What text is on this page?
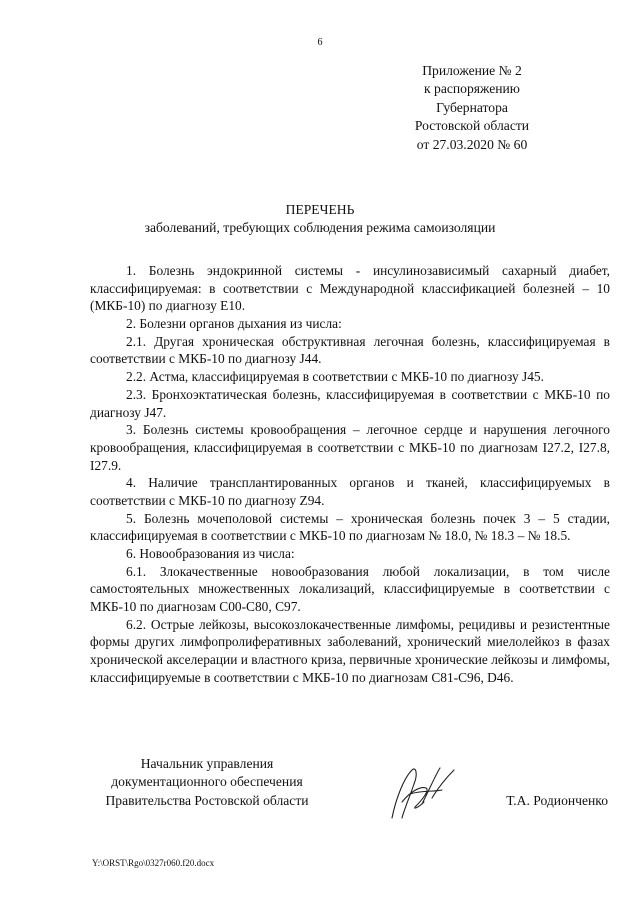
6
Приложение № 2
к распоряжению
Губернатора
Ростовской области
от 27.03.2020 № 60
ПЕРЕЧЕНЬ
заболеваний, требующих соблюдения режима самоизоляции

1. Болезнь эндокринной системы - инсулинозависимый сахарный диабет, классифицируемая: в соответствии с Международной классификацией болезней – 10 (МКБ-10) по диагнозу E10.

2. Болезни органов дыхания из числа:

2.1. Другая хроническая обструктивная легочная болезнь, классифицируемая в соответствии с МКБ-10 по диагнозу J44.

2.2. Астма, классифицируемая в соответствии с МКБ-10 по диагнозу J45.

2.3. Бронхоэктатическая болезнь, классифицируемая в соответствии с МКБ-10 по диагнозу J47.

3. Болезнь системы кровообращения – легочное сердце и нарушения легочного кровообращения, классифицируемая в соответствии с МКБ-10 по диагнозам I27.2, I27.8, I27.9.

4. Наличие трансплантированных органов и тканей, классифицируемых в соответствии с МКБ-10 по диагнозу Z94.

5. Болезнь мочеполовой системы – хроническая болезнь почек 3 – 5 стадии, классифицируемая в соответствии с МКБ-10 по диагнозам № 18.0, № 18.3 – № 18.5.

6. Новообразования из числа:

6.1. Злокачественные новообразования любой локализации, в том числе самостоятельных множественных локализаций, классифицируемые в соответствии с МКБ-10 по диагнозам C00-C80, C97.

6.2. Острые лейкозы, высокозлокачественные лимфомы, рецидивы и резистентные формы других лимфопролиферативных заболеваний, хронический миелолейкоз в фазах хронической акселерации и властного криза, первичные хронические лейкозы и лимфомы, классифицируемые в соответствии с МКБ-10 по диагнозам C81-C96, D46.

Начальник управления
документационного обеспечения
Правительства Ростовской области	Т.А. Родионченко
Y:\ORST\Rgo\0327r060.f20.docx
